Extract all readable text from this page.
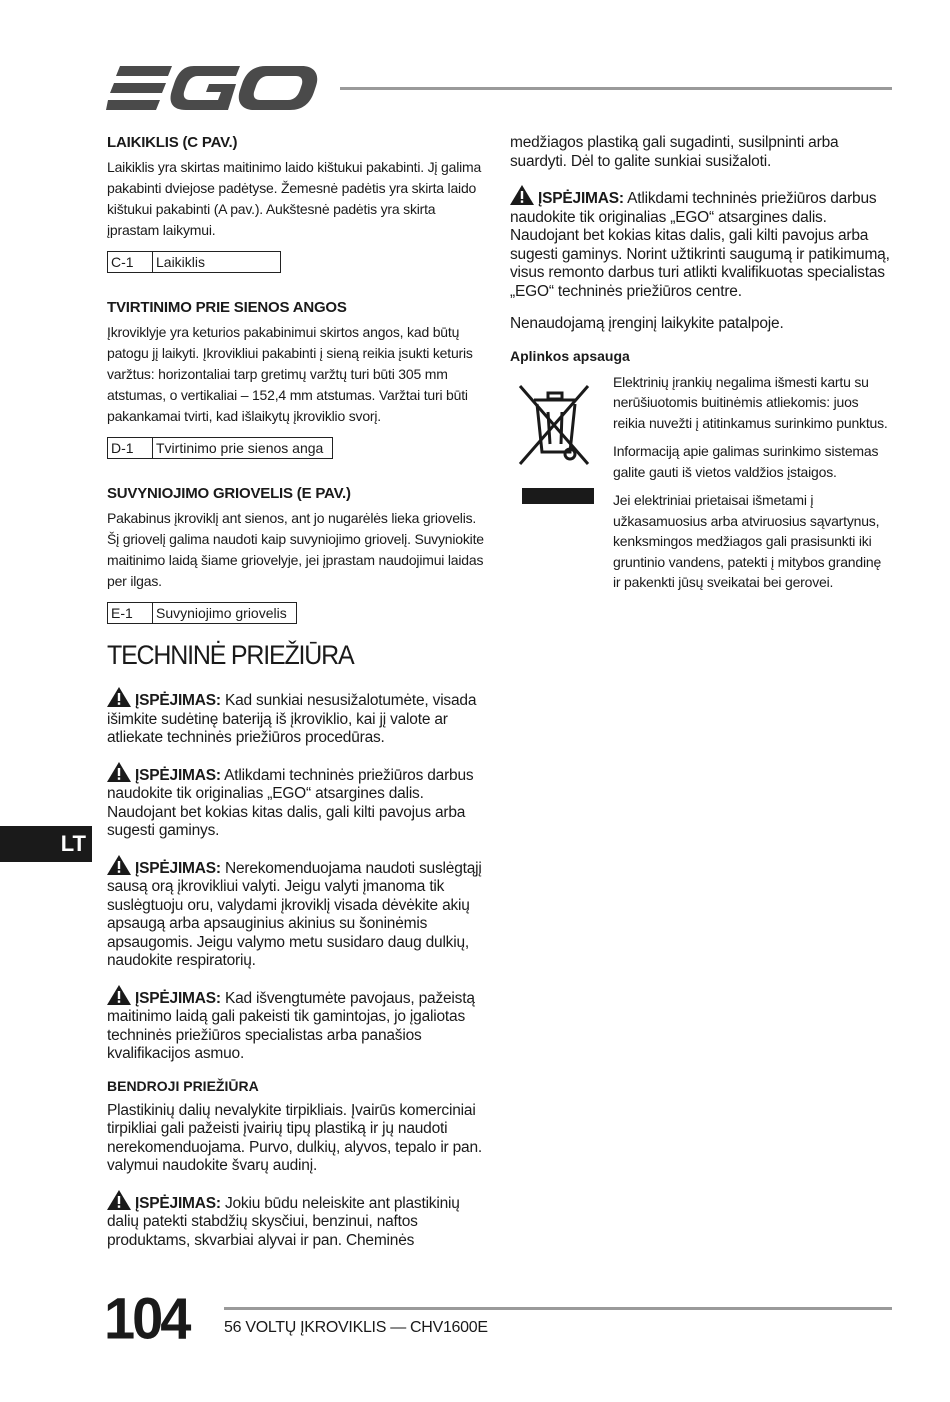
LAIKIKLIS (C PAV.)

Laikiklis yra skirtas maitinimo laido kištukui pakabinti. Jį galima pakabinti dviejose padėtyse. Žemesnė padėtis yra skirta laido kištukui pakabinti (A pav.). Aukštesnė padėtis yra skirta įprastam laikymui.

C-1	Laikiklis
TVIRTINIMO PRIE SIENOS ANGOS

Įkroviklyje yra keturios pakabinimui skirtos angos, kad būtų patogu jį laikyti. Įkrovikliui pakabinti į sieną reikia įsukti keturis varžtus: horizontaliai tarp gretimų varžtų turi būti 305 mm atstumas, o vertikaliai – 152,4 mm atstumas. Varžtai turi būti pakankamai tvirti, kad išlaikytų įkroviklio svorį.

D-1	Tvirtinimo prie sienos anga
SUVYNIOJIMO GRIOVELIS (E PAV.)

Pakabinus įkroviklį ant sienos, ant jo nugarėlės lieka griovelis. Šį griovelį galima naudoti kaip suvyniojimo griovelį. Suvyniokite maitinimo laidą šiame griovelyje, jei įprastam naudojimui laidas per ilgas.

E-1	Suvyniojimo griovelis
TECHNINĖ PRIEŽIŪRA

ĮSPĖJIMAS: Kad sunkiai nesusižalotumėte, visada išimkite sudėtinę bateriją iš įkroviklio, kai jį valote ar atliekate techninės priežiūros procedūras.

ĮSPĖJIMAS: Atlikdami techninės priežiūros darbus naudokite tik originalias „EGO“ atsargines dalis. Naudojant bet kokias kitas dalis, gali kilti pavojus arba sugesti gaminys.

ĮSPĖJIMAS: Nerekomenduojama naudoti suslėgtąjį sausą orą įkrovikliui valyti. Jeigu valyti įmanoma tik suslėgtuoju oru, valydami įkroviklį visada dėvėkite akių apsaugą arba apsauginius akinius su šoninėmis apsaugomis. Jeigu valymo metu susidaro daug dulkių, naudokite respiratorių.

ĮSPĖJIMAS: Kad išvengtumėte pavojaus, pažeistą maitinimo laidą gali pakeisti tik gamintojas, jo įgaliotas techninės priežiūros specialistas arba panašios kvalifikacijos asmuo.

BENDROJI PRIEŽIŪRA

Plastikinių dalių nevalykite tirpikliais. Įvairūs komerciniai tirpikliai gali pažeisti įvairių tipų plastiką ir jų naudoti nerekomenduojama. Purvo, dulkių, alyvos, tepalo ir pan. valymui naudokite švarų audinį.

ĮSPĖJIMAS: Jokiu būdu neleiskite ant plastikinių dalių patekti stabdžių skysčiui, benzinui, naftos produktams, skvarbiai alyvai ir pan. Cheminės

medžiagos plastiką gali sugadinti, susilpninti arba suardyti. Dėl to galite sunkiai susižaloti.

ĮSPĖJIMAS: Atlikdami techninės priežiūros darbus naudokite tik originalias „EGO“ atsargines dalis. Naudojant bet kokias kitas dalis, gali kilti pavojus arba sugesti gaminys. Norint užtikrinti saugumą ir patikimumą, visus remonto darbus turi atlikti kvalifikuotas specialistas „EGO“ techninės priežiūros centre.

Nenaudojamą įrenginį laikykite patalpoje.

Aplinkos apsauga

Elektrinių įrankių negalima išmesti kartu su nerūšiuotomis buitinėmis atliekomis: juos reikia nuvežti į atitinkamus surinkimo punktus.

Informaciją apie galimas surinkimo sistemas galite gauti iš vietos valdžios įstaigos.

Jei elektriniai prietaisai išmetami į užkasamuosius arba atviruosius sąvartynus, kenksmingos medžiagos gali prasisunkti iki gruntinio vandens, patekti į mitybos grandinę ir pakenkti jūsų sveikatai bei gerovei.

LT
104 56 VOLTŲ ĮKROVIKLIS — CHV1600E
